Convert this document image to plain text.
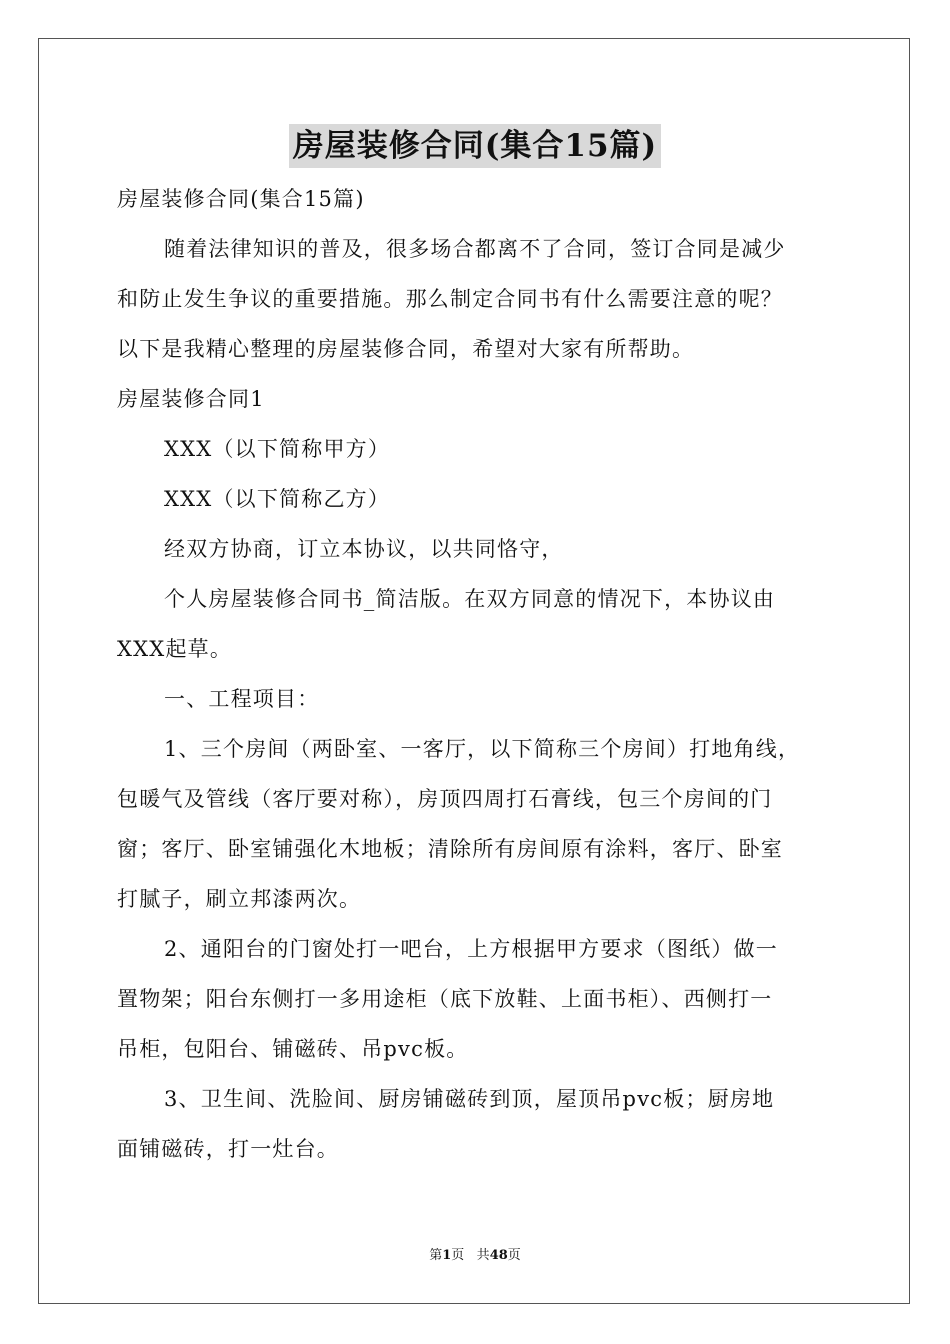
房屋装修合同(集合15篇)
房屋装修合同(集合15篇)
随着法律知识的普及，很多场合都离不了合同，签订合同是减少
和防止发生争议的重要措施。那么制定合同书有什么需要注意的呢？
以下是我精心整理的房屋装修合同，希望对大家有所帮助。
房屋装修合同1
XXX（以下简称甲方）
XXX（以下简称乙方）
经双方协商，订立本协议，以共同恪守，
个人房屋装修合同书_简洁版。在双方同意的情况下，本协议由
XXX起草。
一、工程项目：
1、三个房间（两卧室、一客厅，以下简称三个房间）打地角线，
包暖气及管线（客厅要对称），房顶四周打石膏线，包三个房间的门
窗；客厅、卧室铺强化木地板；清除所有房间原有涂料，客厅、卧室
打腻子，刷立邦漆两次。
2、通阳台的门窗处打一吧台，上方根据甲方要求（图纸）做一
置物架；阳台东侧打一多用途柜（底下放鞋、上面书柜）、西侧打一
吊柜，包阳台、铺磁砖、吊pvc板。
3、卫生间、洗脸间、厨房铺磁砖到顶，屋顶吊pvc板；厨房地
面铺磁砖，打一灶台。
第1页 共48页
